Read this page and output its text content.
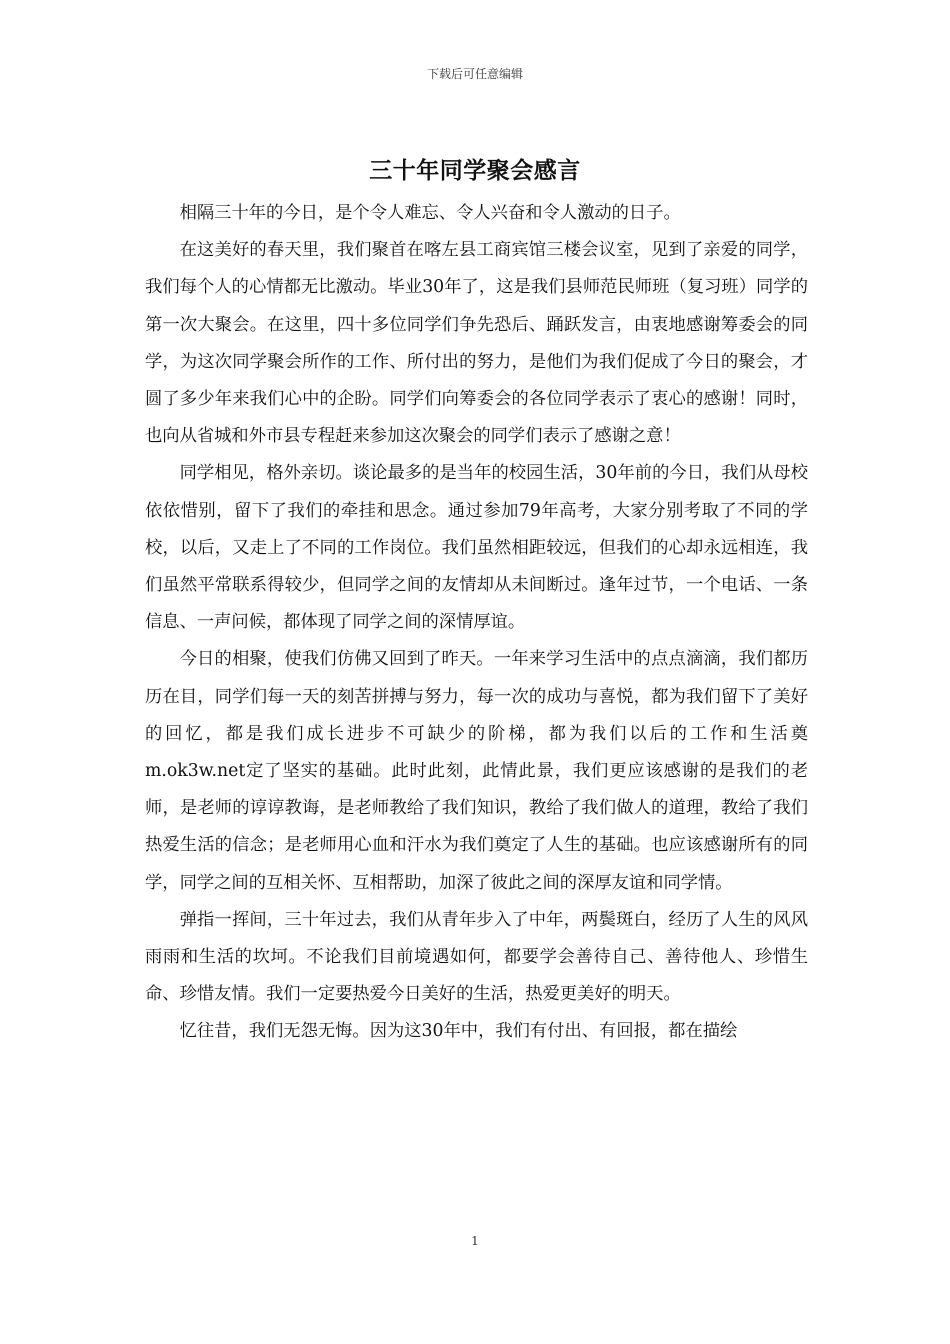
下载后可任意编辑
三十年同学聚会感言

相隔三十年的今日，是个令人难忘、令人兴奋和令人激动的日子。

在这美好的春天里，我们聚首在喀左县工商宾馆三楼会议室，见到了亲爱的同学，我们每个人的心情都无比激动。毕业30年了，这是我们县师范民师班（复习班）同学的第一次大聚会。在这里，四十多位同学们争先恐后、踊跃发言，由衷地感谢筹委会的同学，为这次同学聚会所作的工作、所付出的努力，是他们为我们促成了今日的聚会，才圆了多少年来我们心中的企盼。同学们向筹委会的各位同学表示了衷心的感谢！同时，也向从省城和外市县专程赶来参加这次聚会的同学们表示了感谢之意！

同学相见，格外亲切。谈论最多的是当年的校园生活，30年前的今日，我们从母校依依惜别，留下了我们的牵挂和思念。通过参加79年高考，大家分别考取了不同的学校，以后，又走上了不同的工作岗位。我们虽然相距较远，但我们的心却永远相连，我们虽然平常联系得较少，但同学之间的友情却从未间断过。逢年过节，一个电话、一条信息、一声问候，都体现了同学之间的深情厚谊。

今日的相聚，使我们仿佛又回到了昨天。一年来学习生活中的点点滴滴，我们都历历在目，同学们每一天的刻苦拼搏与努力，每一次的成功与喜悦，都为我们留下了美好的回忆，都是我们成长进步不可缺少的阶梯，都为我们以后的工作和生活奠m.ok3w.net定了坚实的基础。此时此刻，此情此景，我们更应该感谢的是我们的老师，是老师的谆谆教诲，是老师教给了我们知识，教给了我们做人的道理，教给了我们热爱生活的信念；是老师用心血和汗水为我们奠定了人生的基础。也应该感谢所有的同学，同学之间的互相关怀、互相帮助，加深了彼此之间的深厚友谊和同学情。

弹指一挥间，三十年过去，我们从青年步入了中年，两鬓斑白，经历了人生的风风雨雨和生活的坎坷。不论我们目前境遇如何，都要学会善待自己、善待他人、珍惜生命、珍惜友情。我们一定要热爱今日美好的生活，热爱更美好的明天。

忆往昔，我们无怨无悔。因为这30年中，我们有付出、有回报，都在描绘

1
